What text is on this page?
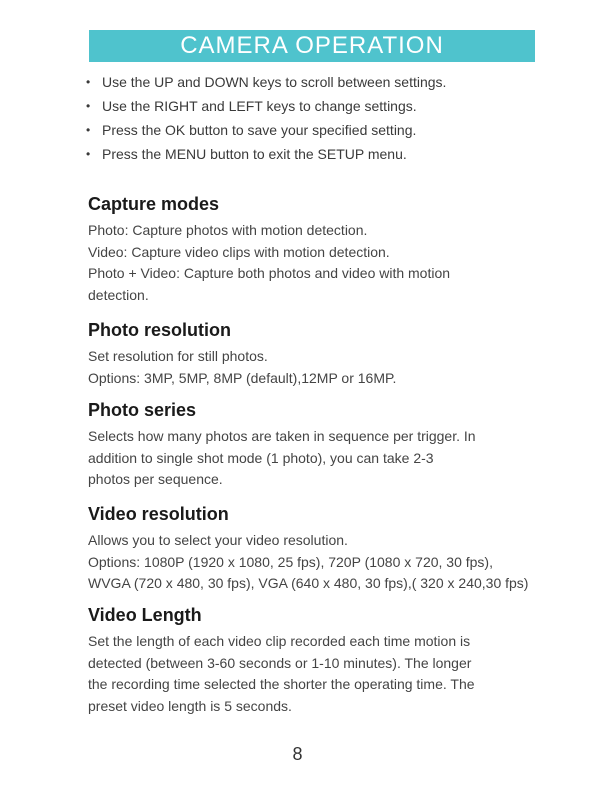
CAMERA OPERATION
• Use the UP and DOWN keys to scroll between settings.
• Use the RIGHT and LEFT keys to change settings.
• Press the OK button to save your specified setting.
• Press the MENU button to exit the SETUP menu.
Capture modes

Photo: Capture photos with motion detection.

Video: Capture video clips with motion detection.

Photo + Video: Capture both photos and video with motion

detection.

Photo resolution

Set resolution for still photos.

Options: 3MP, 5MP, 8MP (default),12MP or 16MP.

Photo series

Selects how many photos are taken in sequence per trigger. In

addition to single shot mode (1 photo), you can take 2-3

photos per sequence.

Video resolution

Allows you to select your video resolution.

Options: 1080P (1920 x 1080, 25 fps), 720P (1080 x 720, 30 fps),

WVGA (720 x 480, 30 fps), VGA (640 x 480, 30 fps),( 320 x 240,30 fps)

Video Length

Set the length of each video clip recorded each time motion is

detected (between 3-60 seconds or 1-10 minutes). The longer

the recording time selected the shorter the operating time. The

preset video length is 5 seconds.

8
